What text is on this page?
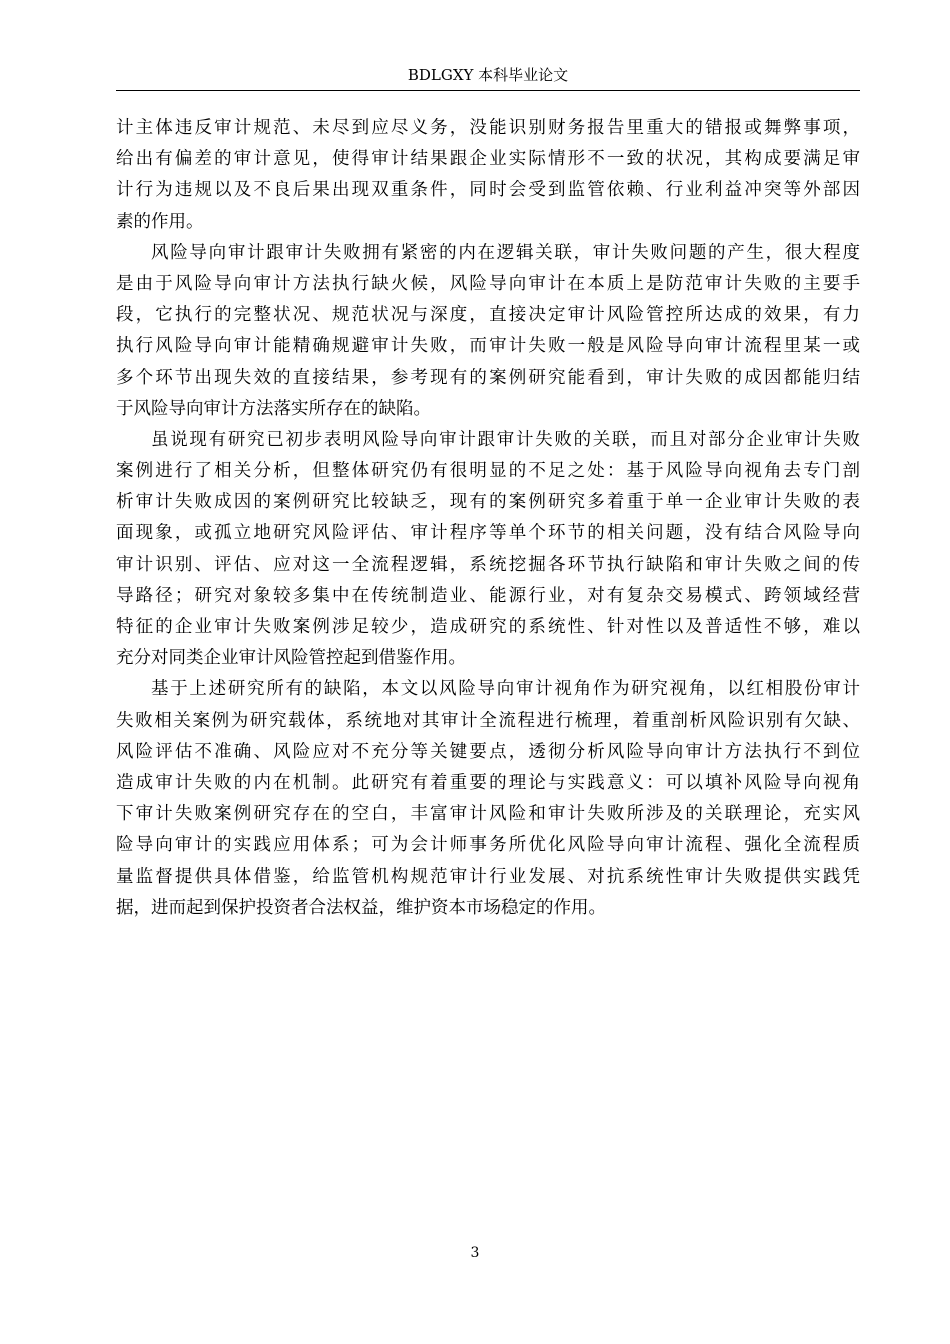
BDLGXY 本科毕业论文
计主体违反审计规范、未尽到应尽义务，没能识别财务报告里重大的错报或舞弊事项，
给出有偏差的审计意见，使得审计结果跟企业实际情形不一致的状况，其构成要满足审
计行为违规以及不良后果出现双重条件，同时会受到监管依赖、行业利益冲突等外部因
素的作用。
风险导向审计跟审计失败拥有紧密的内在逻辑关联，审计失败问题的产生，很大程度
是由于风险导向审计方法执行缺火候，风险导向审计在本质上是防范审计失败的主要手
段，它执行的完整状况、规范状况与深度，直接决定审计风险管控所达成的效果，有力
执行风险导向审计能精确规避审计失败，而审计失败一般是风险导向审计流程里某一或
多个环节出现失效的直接结果，参考现有的案例研究能看到，审计失败的成因都能归结
于风险导向审计方法落实所存在的缺陷。
虽说现有研究已初步表明风险导向审计跟审计失败的关联，而且对部分企业审计失败
案例进行了相关分析，但整体研究仍有很明显的不足之处：基于风险导向视角去专门剖
析审计失败成因的案例研究比较缺乏，现有的案例研究多着重于单一企业审计失败的表
面现象，或孤立地研究风险评估、审计程序等单个环节的相关问题，没有结合风险导向
审计识别、评估、应对这一全流程逻辑，系统挖掘各环节执行缺陷和审计失败之间的传
导路径；研究对象较多集中在传统制造业、能源行业，对有复杂交易模式、跨领域经营
特征的企业审计失败案例涉足较少，造成研究的系统性、针对性以及普适性不够，难以
充分对同类企业审计风险管控起到借鉴作用。
基于上述研究所有的缺陷，本文以风险导向审计视角作为研究视角，以红相股份审计
失败相关案例为研究载体，系统地对其审计全流程进行梳理，着重剖析风险识别有欠缺、
风险评估不准确、风险应对不充分等关键要点，透彻分析风险导向审计方法执行不到位
造成审计失败的内在机制。此研究有着重要的理论与实践意义：可以填补风险导向视角
下审计失败案例研究存在的空白，丰富审计风险和审计失败所涉及的关联理论，充实风
险导向审计的实践应用体系；可为会计师事务所优化风险导向审计流程、强化全流程质
量监督提供具体借鉴，给监管机构规范审计行业发展、对抗系统性审计失败提供实践凭
据，进而起到保护投资者合法权益，维护资本市场稳定的作用。
3
